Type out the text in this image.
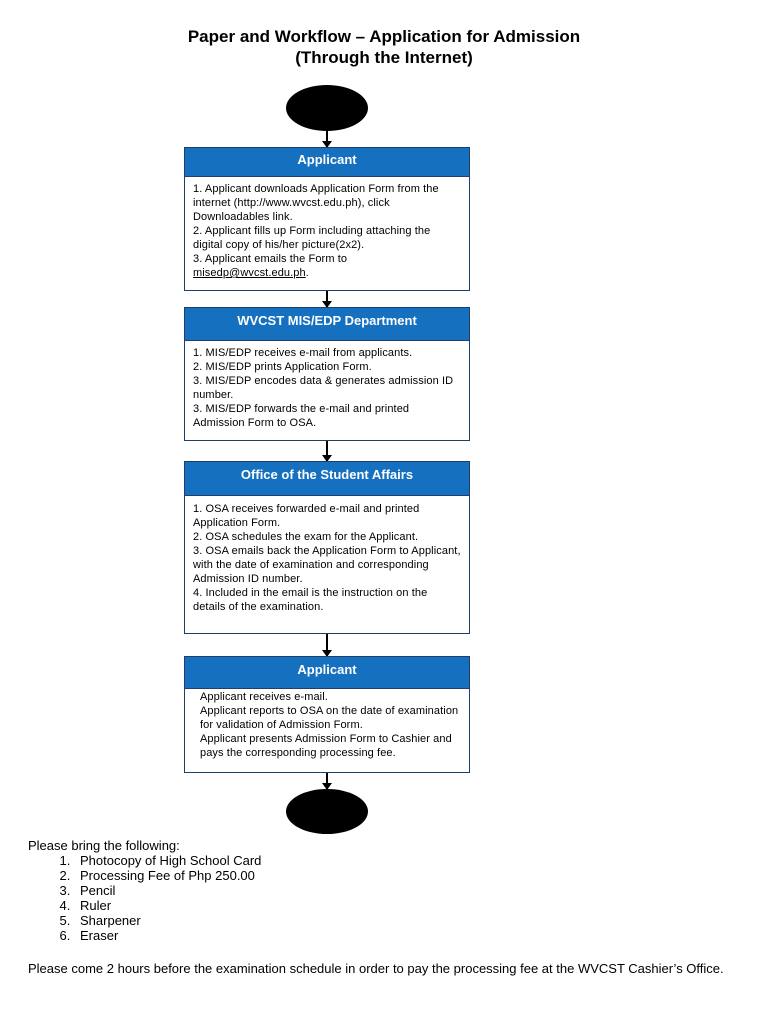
Paper and Workflow – Application for Admission
(Through the Internet)
Applicant
1. Applicant downloads Application Form from the internet (http://www.wvcst.edu.ph), click Downloadables link.
2. Applicant fills up Form including attaching the digital copy of his/her picture(2x2).
3. Applicant emails the Form to
misedp@wvcst.edu.ph.
WVCST MIS/EDP Department
1. MIS/EDP receives e-mail from applicants.
2. MIS/EDP prints Application Form.
3. MIS/EDP encodes data & generates admission ID number.
3. MIS/EDP forwards the e-mail and printed Admission Form to OSA.
Office of the Student Affairs
1. OSA receives forwarded e-mail and printed Application Form.
2. OSA schedules the exam for the Applicant.
3. OSA emails back the Application Form to Applicant, with the date of examination and corresponding Admission ID number.
4. Included in the email is the instruction on the details of the examination.
Applicant
Applicant receives e-mail.
Applicant reports to OSA on the date of examination for validation of Admission Form.
Applicant presents Admission Form to Cashier and pays the corresponding processing fee.
Please bring the following:
1. Photocopy of High School Card
2. Processing Fee of Php 250.00
3. Pencil
4. Ruler
5. Sharpener
6. Eraser
Please come 2 hours before the examination schedule in order to pay the processing fee at the WVCST Cashier’s Office.
